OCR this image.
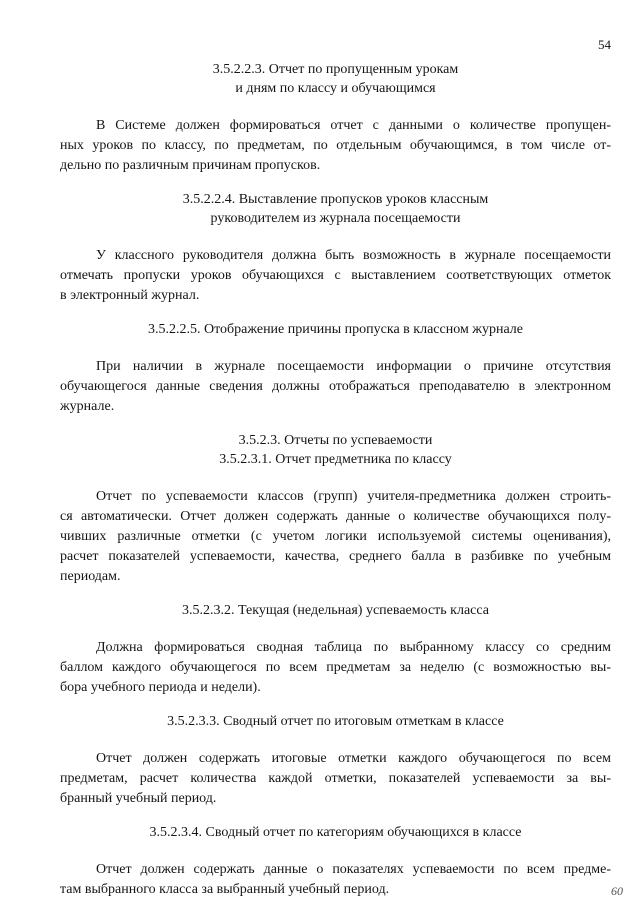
54
60

3.5.2.2.3. Отчет по пропущенным урокам
и дням по классу и обучающимся

В Системе должен формироваться отчет с данными о количестве пропущен-
ных уроков по классу, по предметам, по отдельным обучающимся, в том числе от-
дельно по различным причинам пропусков.

3.5.2.2.4. Выставление пропусков уроков классным
руководителем из журнала посещаемости

У классного руководителя должна быть возможность в журнале посещаемости
отмечать пропуски уроков обучающихся с выставлением соответствующих отметок
в электронный журнал.

3.5.2.2.5. Отображение причины пропуска в классном журнале

При наличии в журнале посещаемости информации о причине отсутствия
обучающегося данные сведения должны отображаться преподавателю в электронном
журнале.

3.5.2.3. Отчеты по успеваемости
3.5.2.3.1. Отчет предметника по классу

Отчет по успеваемости классов (групп) учителя-предметника должен строить-
ся автоматически. Отчет должен содержать данные о количестве обучающихся полу-
чивших различные отметки (с учетом логики используемой системы оценивания),
расчет показателей успеваемости, качества, среднего балла в разбивке по учебным
периодам.

3.5.2.3.2. Текущая (недельная) успеваемость класса

Должна формироваться сводная таблица по выбранному классу со средним
баллом каждого обучающегося по всем предметам за неделю (с возможностью вы-
бора учебного периода и недели).

3.5.2.3.3. Сводный отчет по итоговым отметкам в классе

Отчет должен содержать итоговые отметки каждого обучающегося по всем
предметам, расчет количества каждой отметки, показателей успеваемости за вы-
бранный учебный период.

3.5.2.3.4. Сводный отчет по категориям обучающихся в классе

Отчет должен содержать данные о показателях успеваемости по всем предме-
там выбранного класса за выбранный учебный период.
